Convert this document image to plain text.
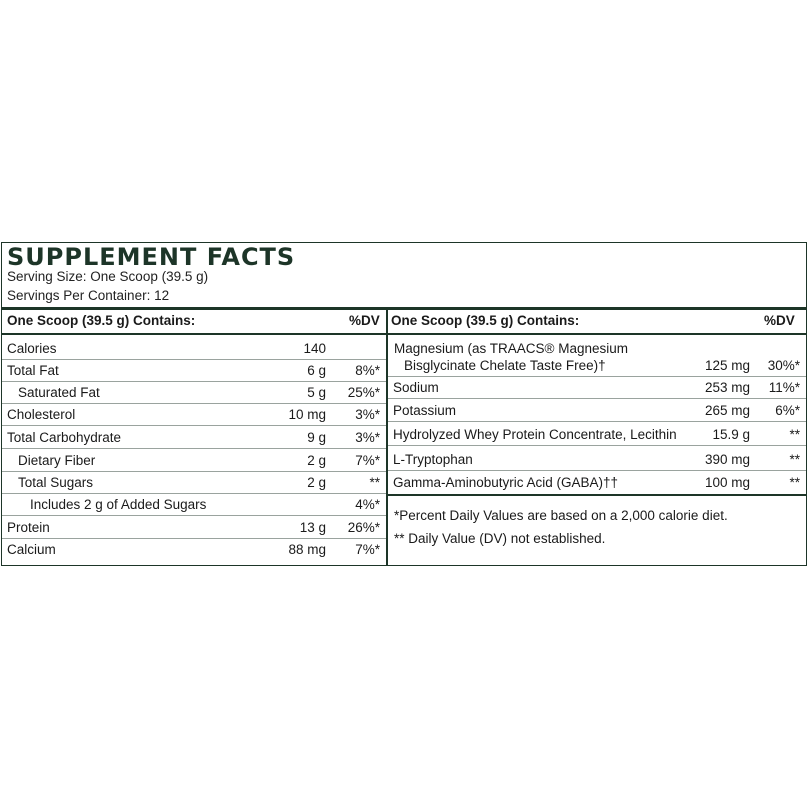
SUPPLEMENT FACTS
Serving Size: One Scoop (39.5 g)
Servings Per Container: 12
One Scoop (39.5 g) Contains:	%DV One Scoop (39.5 g) Contains:	%DV
Calories	140
Total Fat	6 g 8%*
Saturated Fat	5 g 25%*
Cholesterol	10 mg 3%*
Total Carbohydrate	9 g 3%*
Dietary Fiber	2 g 7%*
Total Sugars	2 g	**
Includes 2 g of Added Sugars	4%*
Protein	13 g 26%*
Calcium	88 mg 7%*
Magnesium (as TRAACS® Magnesium
Bisglycinate Chelate Taste Free)†	125 mg 30%*
Sodium	253 mg 11%*
Potassium	265 mg 6%*
Hydrolyzed Whey Protein Concentrate, Lecithin	15.9 g	**
L-Tryptophan	390 mg	**
Gamma-Aminobutyric Acid (GABA)††	100 mg	**
*Percent Daily Values are based on a 2,000 calorie diet.
** Daily Value (DV) not established.
